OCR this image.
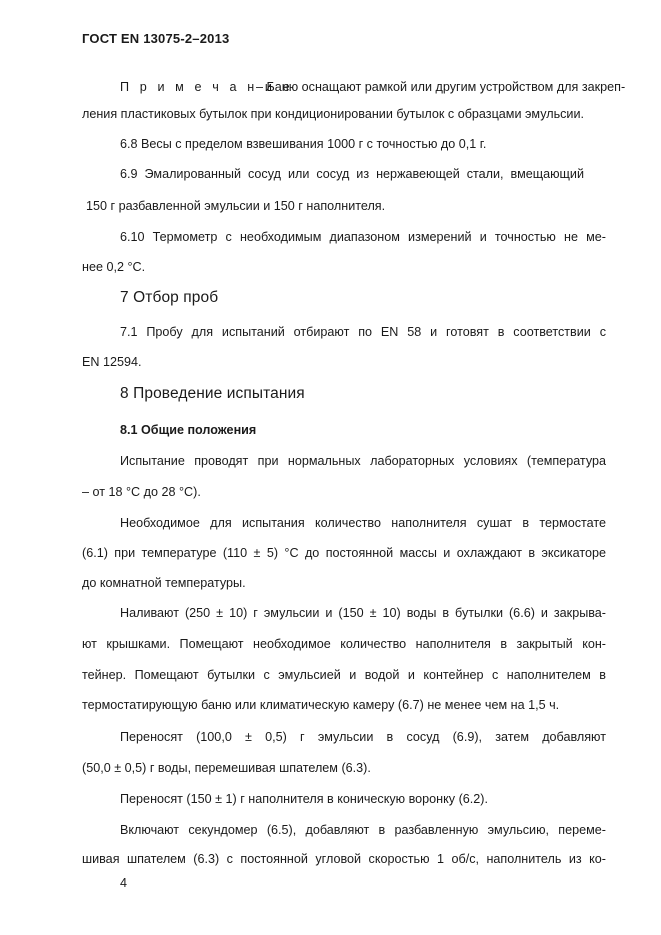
ГОСТ EN 13075-2–2013
П р и м е ч а н и е
– Баню оснащают рамкой или другим устройством для закреп-
ления пластиковых бутылок при кондиционировании бутылок с образцами эмульсии.
6.8 Весы с пределом взвешивания 1000 г с точностью до 0,1 г.
6.9 Эмалированный сосуд или сосуд из нержавеющей стали, вмещающий
150 г разбавленной эмульсии и 150 г наполнителя.
6.10 Термометр с необходимым диапазоном измерений и точностью не ме-
нее 0,2 °С.
7 Отбор проб
7.1 Пробу для испытаний отбирают по EN 58 и готовят в соответствии с
EN 12594.
8 Проведение испытания
8.1 Общие положения
Испытание проводят при нормальных лабораторных условиях (температура
– от 18 °С до 28 °С).
Необходимое для испытания количество наполнителя сушат в термостате
(6.1) при температуре (110 ± 5) °С до постоянной массы и охлаждают в эксикаторе
до комнатной температуры.
Наливают (250 ± 10) г эмульсии и (150 ± 10) воды в бутылки (6.6) и закрыва-
ют крышками. Помещают необходимое количество наполнителя в закрытый кон-
тейнер. Помещают бутылки с эмульсией и водой и контейнер с наполнителем в
термостатирующую баню или климатическую камеру (6.7) не менее чем на 1,5 ч.
Переносят (100,0 ± 0,5) г эмульсии в сосуд (6.9), затем добавляют
(50,0 ± 0,5) г воды, перемешивая шпателем (6.3).
Переносят (150 ± 1) г наполнителя в коническую воронку (6.2).
Включают секундомер (6.5), добавляют в разбавленную эмульсию, переме-
шивая шпателем (6.3) с постоянной угловой скоростью 1 об/с, наполнитель из ко-
4
